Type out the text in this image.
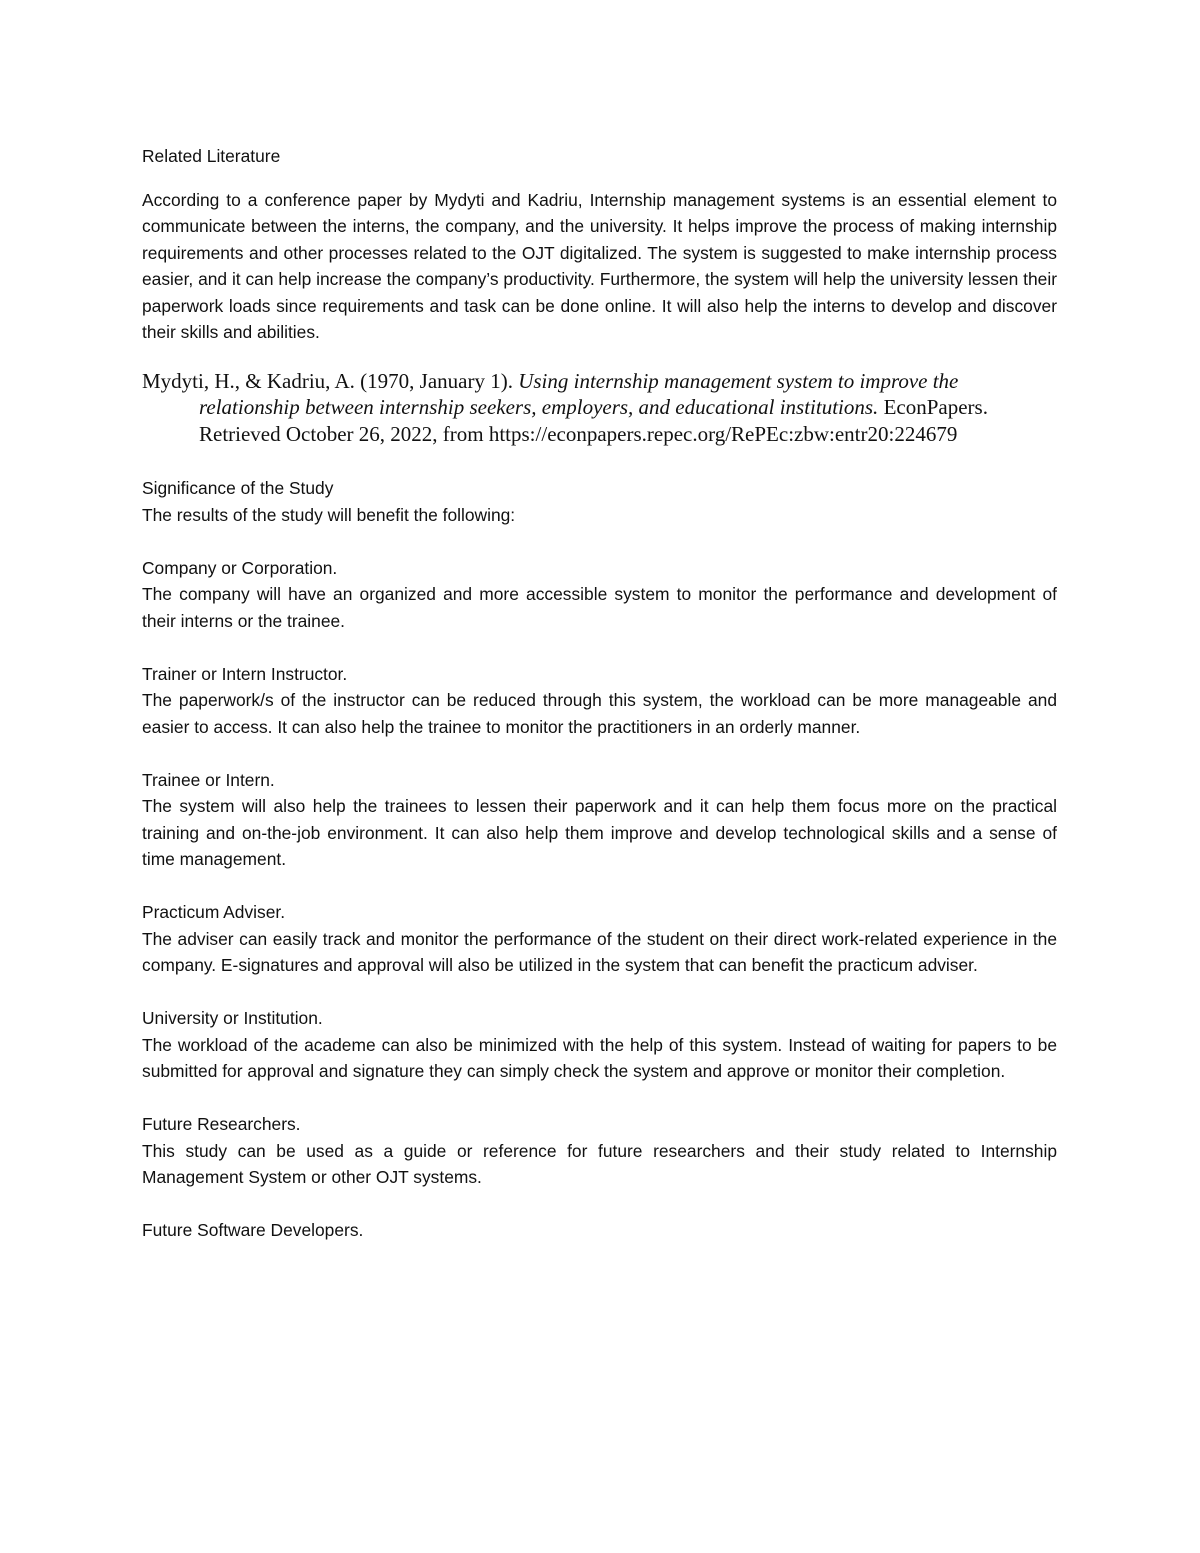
Related Literature

According to a conference paper by Mydyti and Kadriu, Internship management systems is an essential element to communicate between the interns, the company, and the university. It helps improve the process of making internship requirements and other processes related to the OJT digitalized. The system is suggested to make internship process easier, and it can help increase the company’s productivity. Furthermore, the system will help the university lessen their paperwork loads since requirements and task can be done online. It will also help the interns to develop and discover their skills and abilities.

Mydyti, H., & Kadriu, A. (1970, January 1). Using internship management system to improve the relationship between internship seekers, employers, and educational institutions. EconPapers. Retrieved October 26, 2022, from https://econpapers.repec.org/RePEc:zbw:entr20:224679

Significance of the Study

The results of the study will benefit the following:

Company or Corporation.

The company will have an organized and more accessible system to monitor the performance and development of their interns or the trainee.

Trainer or Intern Instructor.

The paperwork/s of the instructor can be reduced through this system, the workload can be more manageable and easier to access. It can also help the trainee to monitor the practitioners in an orderly manner.

Trainee or Intern.

The system will also help the trainees to lessen their paperwork and it can help them focus more on the practical training and on-the-job environment. It can also help them improve and develop technological skills and a sense of time management.

Practicum Adviser.

The adviser can easily track and monitor the performance of the student on their direct work-related experience in the company. E-signatures and approval will also be utilized in the system that can benefit the practicum adviser.

University or Institution.

The workload of the academe can also be minimized with the help of this system. Instead of waiting for papers to be submitted for approval and signature they can simply check the system and approve or monitor their completion.

Future Researchers.

This study can be used as a guide or reference for future researchers and their study related to Internship Management System or other OJT systems.

Future Software Developers.
